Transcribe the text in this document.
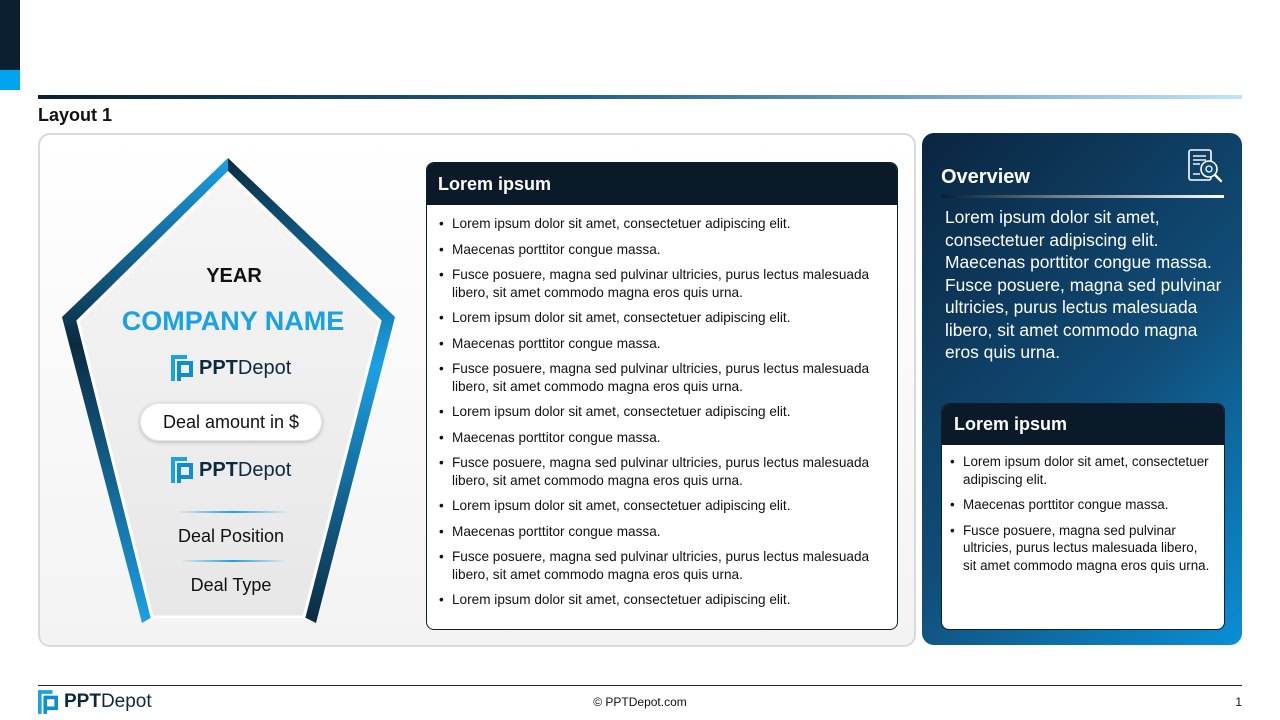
Layout 1
YEAR
COMPANY NAME
PPT Depot
Deal amount in $
PPT Depot
Deal Position
Deal Type
Lorem ipsum
• Lorem ipsum dolor sit amet, consectetuer adipiscing elit.
• Maecenas porttitor congue massa.
• Fusce posuere, magna sed pulvinar ultricies, purus lectus malesuada libero, sit amet commodo magna eros quis urna.
• Lorem ipsum dolor sit amet, consectetuer adipiscing elit.
• Maecenas porttitor congue massa.
• Fusce posuere, magna sed pulvinar ultricies, purus lectus malesuada libero, sit amet commodo magna eros quis urna.
• Lorem ipsum dolor sit amet, consectetuer adipiscing elit.
• Maecenas porttitor congue massa.
• Fusce posuere, magna sed pulvinar ultricies, purus lectus malesuada libero, sit amet commodo magna eros quis urna.
• Lorem ipsum dolor sit amet, consectetuer adipiscing elit.
• Maecenas porttitor congue massa.
• Fusce posuere, magna sed pulvinar ultricies, purus lectus malesuada libero, sit amet commodo magna eros quis urna.
• Lorem ipsum dolor sit amet, consectetuer adipiscing elit.
Overview
Lorem ipsum dolor sit amet, consectetuer adipiscing elit. Maecenas porttitor congue massa. Fusce posuere, magna sed pulvinar ultricies, purus lectus malesuada libero, sit amet commodo magna eros quis urna.
Lorem ipsum
• Lorem ipsum dolor sit amet, consectetuer adipiscing elit.
• Maecenas porttitor congue massa.
• Fusce posuere, magna sed pulvinar ultricies, purus lectus malesuada libero, sit amet commodo magna eros quis urna.
PPT Depot	© PPTDepot.com	1
